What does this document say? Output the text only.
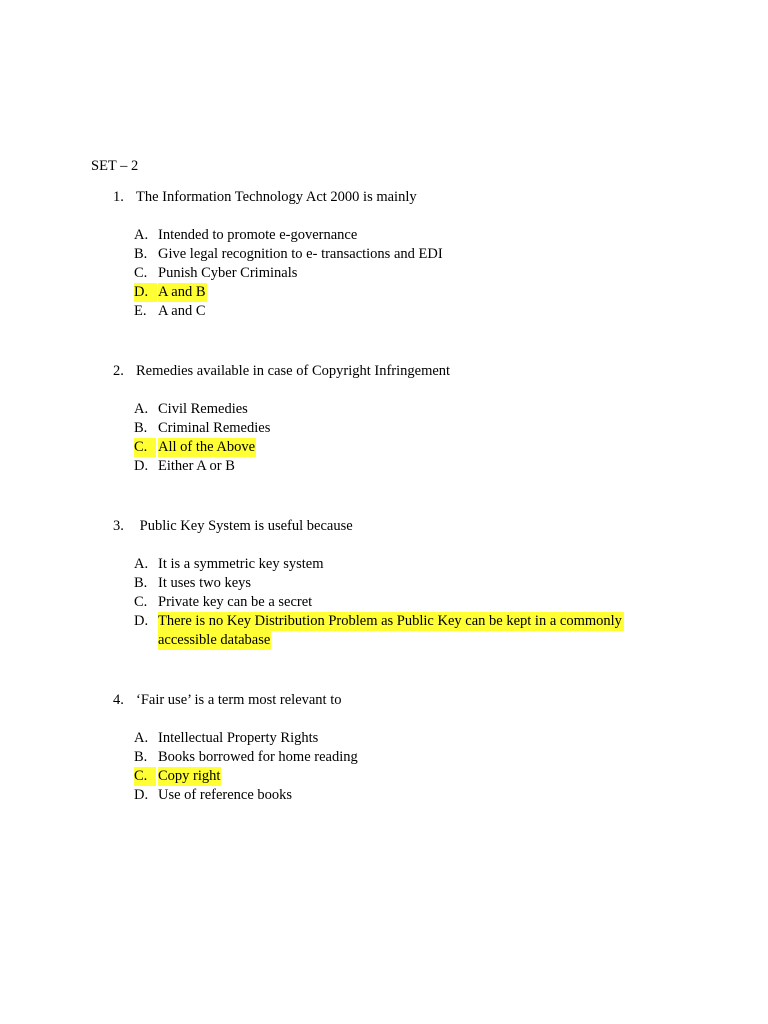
SET – 2
1. The Information Technology Act 2000 is mainly
A. Intended to promote e-governance
B. Give legal recognition to e- transactions and EDI
C. Punish Cyber Criminals
D. A and B
E. A and C
2. Remedies available in case of Copyright Infringement
A. Civil Remedies
B. Criminal Remedies
C. All of the Above
D. Either A or B
3. Public Key System is useful because
A. It is a symmetric key system
B. It uses two keys
C. Private key can be a secret
D. There is no Key Distribution Problem as Public Key can be kept in a commonly
accessible database
4. ‘Fair use’ is a term most relevant to
A. Intellectual Property Rights
B. Books borrowed for home reading
C. Copy right
D. Use of reference books
